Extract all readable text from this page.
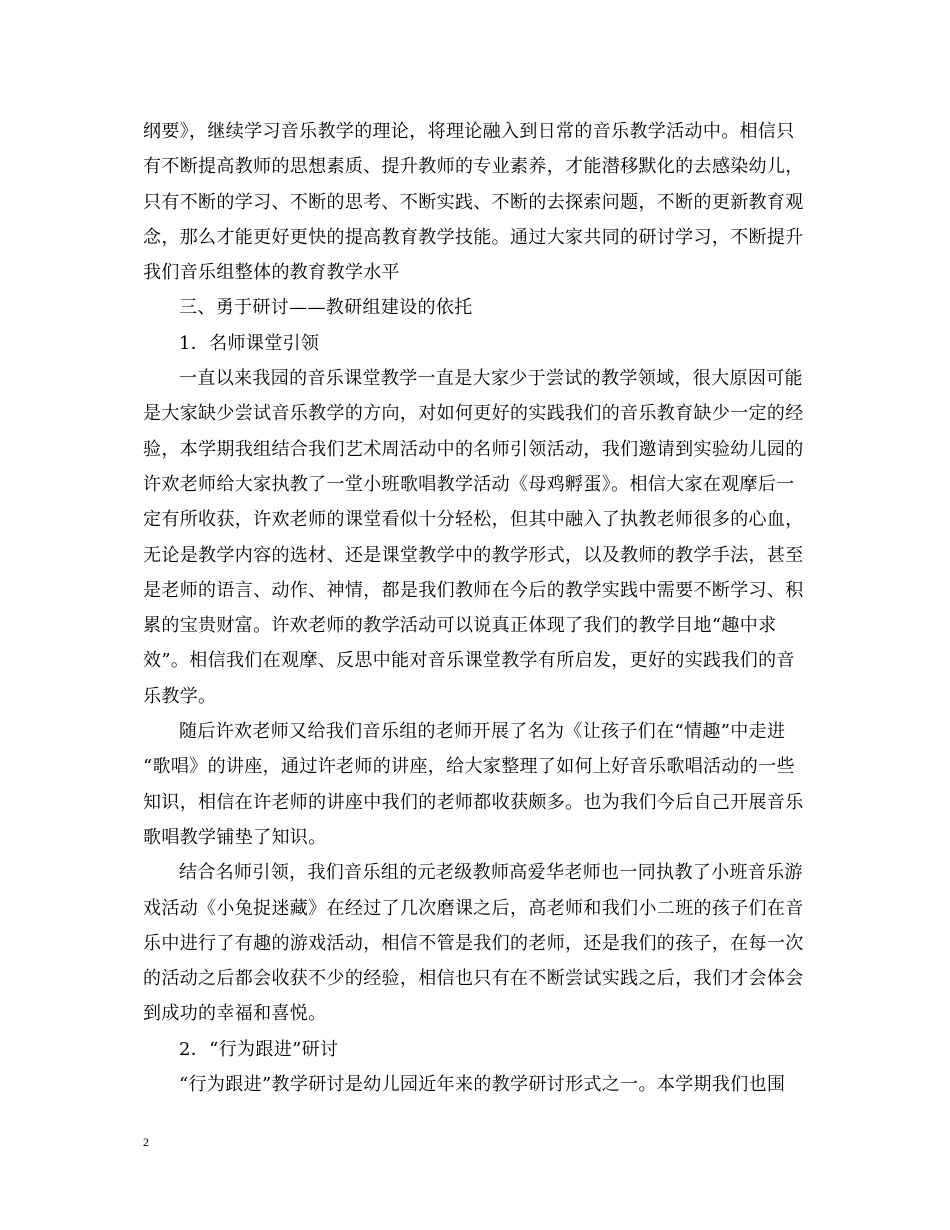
纲要》，继续学习音乐教学的理论，将理论融入到日常的音乐教学活动中。相信只
有不断提高教师的思想素质、提升教师的专业素养，才能潜移默化的去感染幼儿，
只有不断的学习、不断的思考、不断实践、不断的去探索问题，不断的更新教育观
念，那么才能更好更快的提高教育教学技能。通过大家共同的研讨学习，不断提升
我们音乐组整体的教育教学水平
三、勇于研讨——教研组建设的依托
1．名师课堂引领
一直以来我园的音乐课堂教学一直是大家少于尝试的教学领域，很大原因可能
是大家缺少尝试音乐教学的方向，对如何更好的实践我们的音乐教育缺少一定的经
验，本学期我组结合我们艺术周活动中的名师引领活动，我们邀请到实验幼儿园的
许欢老师给大家执教了一堂小班歌唱教学活动《母鸡孵蛋》。相信大家在观摩后一
定有所收获，许欢老师的课堂看似十分轻松，但其中融入了执教老师很多的心血，
无论是教学内容的选材、还是课堂教学中的教学形式，以及教师的教学手法，甚至
是老师的语言、动作、神情，都是我们教师在今后的教学实践中需要不断学习、积
累的宝贵财富。许欢老师的教学活动可以说真正体现了我们的教学目地“趣中求
效”。相信我们在观摩、反思中能对音乐课堂教学有所启发，更好的实践我们的音
乐教学。
随后许欢老师又给我们音乐组的老师开展了名为《让孩子们在“情趣”中走进
“歌唱》的讲座，通过许老师的讲座，给大家整理了如何上好音乐歌唱活动的一些
知识，相信在许老师的讲座中我们的老师都收获颇多。也为我们今后自己开展音乐
歌唱教学铺垫了知识。
结合名师引领，我们音乐组的元老级教师高爱华老师也一同执教了小班音乐游
戏活动《小兔捉迷藏》在经过了几次磨课之后，高老师和我们小二班的孩子们在音
乐中进行了有趣的游戏活动，相信不管是我们的老师，还是我们的孩子，在每一次
的活动之后都会收获不少的经验，相信也只有在不断尝试实践之后，我们才会体会
到成功的幸福和喜悦。
2．“行为跟进”研讨
“行为跟进”教学研讨是幼儿园近年来的教学研讨形式之一。本学期我们也围
2
